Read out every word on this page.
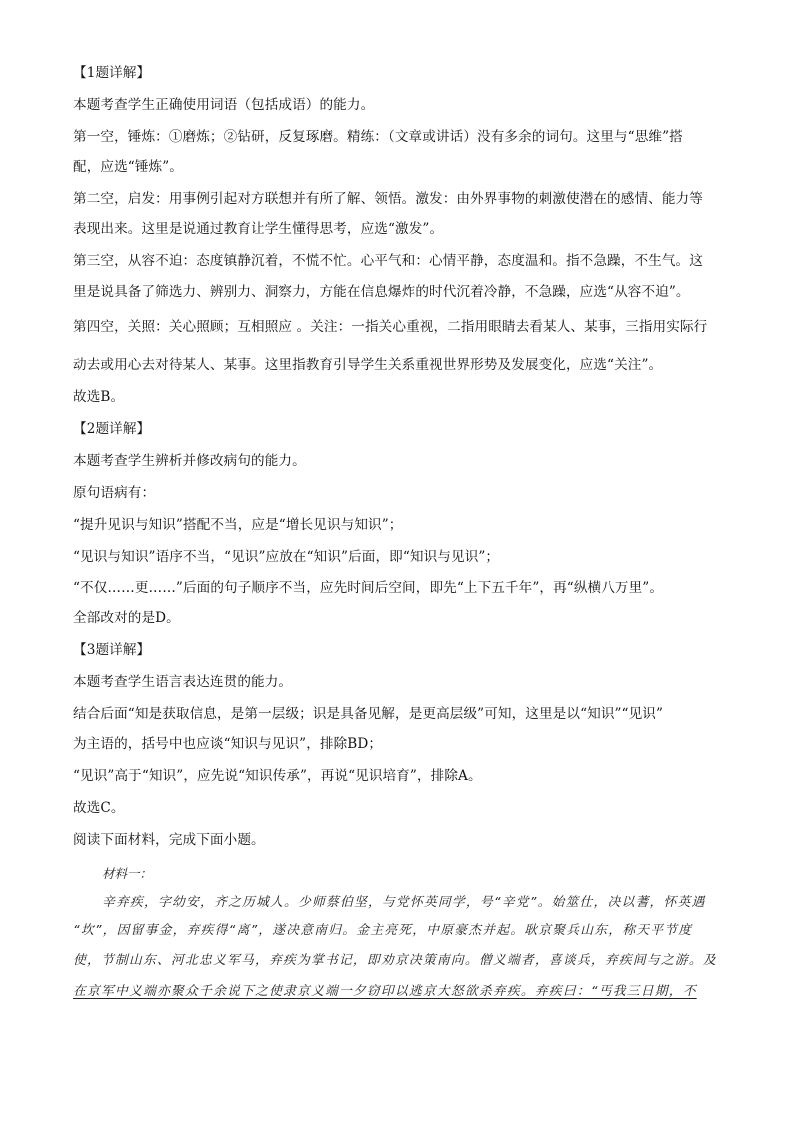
【1题详解】
本题考查学生正确使用词语（包括成语）的能力。
第一空，锤炼：①磨炼；②钻研，反复琢磨。精练：（文章或讲话）没有多余的词句。这里与“思维”搭
配，应选“锤炼”。
第二空，启发：用事例引起对方联想并有所了解、领悟。激发：由外界事物的刺激使潜在的感情、能力等
表现出来。这里是说通过教育让学生懂得思考，应选“激发”。
第三空，从容不迫：态度镇静沉着，不慌不忙。心平气和：心情平静，态度温和。指不急躁，不生气。这
里是说具备了筛选力、辨别力、洞察力，方能在信息爆炸的时代沉着冷静，不急躁，应选“从容不迫”。
第四空，关照：关心照顾；互相照应 。关注：一指关心重视，二指用眼睛去看某人、某事，三指用实际行
动去或用心去对待某人、某事。这里指教育引导学生关系重视世界形势及发展变化，应选“关注”。
故选B。
【2题详解】
本题考查学生辨析并修改病句的能力。
原句语病有：
“提升见识与知识”搭配不当，应是“增长见识与知识”；
“见识与知识”语序不当，“见识”应放在“知识”后面，即“知识与见识”；
“不仅……更……”后面的句子顺序不当，应先时间后空间，即先“上下五千年”，再“纵横八万里”。
全部改对的是D。
【3题详解】
本题考查学生语言表达连贯的能力。
结合后面“知是获取信息，是第一层级；识是具备见解，是更高层级”可知，这里是以“知识”“见识”
为主语的，括号中也应谈“知识与见识”，排除BD；
“见识”高于“知识”，应先说“知识传承”，再说“见识培育”，排除A。
故选C。
阅读下面材料，完成下面小题。
材料一：
辛弃疾，字幼安，齐之历城人。少师蔡伯坚，与党怀英同学，号“辛党”。始筮仕，决以蓍，怀英遇
“坎”，因留事金，弃疾得“离”，遂决意南归。金主亮死，中原豪杰并起。耿京聚兵山东，称天平节度
使，节制山东、河北忠义军马，弃疾为掌书记，即劝京决策南向。僧义端者，喜谈兵，弃疾间与之游。及
在京军中义端亦聚众千余说下之使隶京义端一夕窃印以逃京大怒欲杀弃疾。弃疾曰：“丐我三日期，不
